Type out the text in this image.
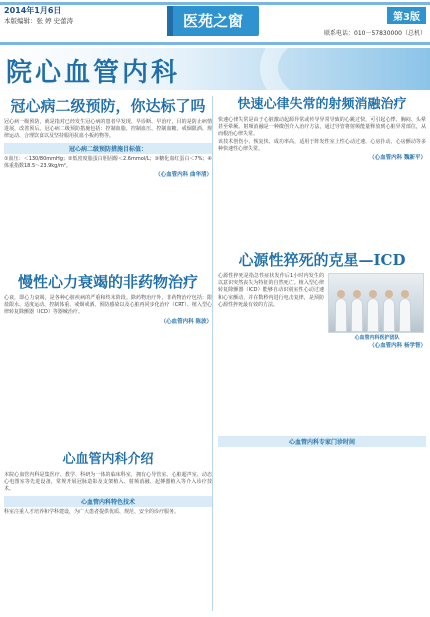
2014年1月6日
本版编辑：张 婷 史蕾涛	医苑之窗	第3版
联系电话：010－57830000（总机）
院心血管内科
冠心病二级预防，你达标了吗
冠心病一级预防，就是指对已经发生冠心病的患者早发现、早诊断、早治疗，目的是防止病情进展，改善预后。冠心病二级预防措施包括：控制血脂、控制血压、控制血糖、戒烟限酒、规律运动、合理饮食以及坚持服用抗血小板药物等。
冠心病二级预防措施目标值：
①血压：＜130/80mmHg；②低密度脂蛋白胆固醇＜2.6mmol/L；③糖化血红蛋白＜7%；④体重指数18.5～23.9kg/m²。
（心血管内科 曲华清）
慢性心力衰竭的非药物治疗
心衰，即心力衰竭，是各种心脏疾病的严重和终末阶段。除药物治疗外，非药物治疗包括：限盐限水、适度运动、控制体重、戒烟戒酒、预防感染以及心脏再同步化治疗（CRT）、植入型心律转复除颤器（ICD）等器械治疗。
（心血管内科 陈波）
心血管内科介绍
本院心血管内科是集医疗、教学、科研为一体的临床科室，拥有心导管室、心脏超声室、动态心电图室等先进设备，常规开展冠脉造影及支架植入、射频消融、起搏器植入等介入诊疗技术。
心血管内科特色技术
科室注重人才培养和学科建设，为广大患者提供优质、规范、安全的诊疗服务。
快速心律失常的射频消融治疗
快速心律失常是由于心脏激动起源异常或传导异常导致的心跳过快，可引起心悸、胸闷、头晕甚至晕厥。射频消融是一种微创介入治疗方法，通过导管将射频能量释放到心脏异常部位，从而根治心律失常。
该技术创伤小、恢复快、成功率高，适用于阵发性室上性心动过速、心房扑动、心房颤动等多种快速性心律失常。
（心血管内科 魏新平）
心源性猝死的克星—ICD
心源性猝死是指急性症状发作后1小时内发生的以意识突然丧失为特征的自然死亡。植入型心律转复除颤器（ICD）能够自动识别室性心动过速和心室颤动，并在数秒内进行电击复律，是预防心源性猝死最有效的方法。
心血管内科医护团队
（心血管内科 杨学智）
心血管内科专家门诊时间
